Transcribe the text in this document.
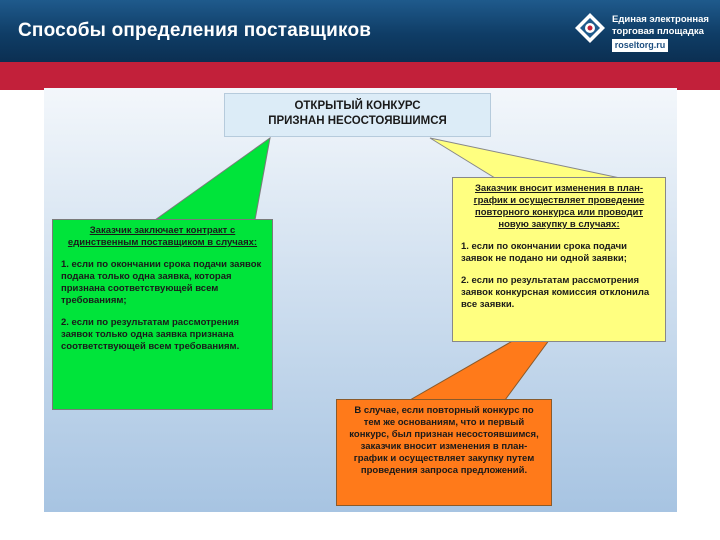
Способы определения поставщиков
Единая электронная
торговая площадка
roseltorg.ru
ОТКРЫТЫЙ КОНКУРС
ПРИЗНАН НЕСОСТОЯВШИМСЯ
Заказчик заключает контракт с единственным поставщиком в случаях:

1. если по окончании срока подачи заявок подана только одна заявка, которая признана соответствующей всем требованиям;

2. если по результатам рассмотрения заявок только одна заявка признана соответствующей всем требованиям.

Заказчик вносит изменения в план-график и осуществляет проведение повторного конкурса или проводит новую закупку в случаях:

1. если по окончании срока подачи заявок не подано ни одной заявки;

2. если по результатам рассмотрения заявок конкурсная комиссия отклонила все заявки.

В случае, если повторный конкурс по тем же основаниям, что и первый конкурс, был признан несостоявшимся, заказчик вносит изменения в план-график и осуществляет закупку путем проведения запроса предложений.
